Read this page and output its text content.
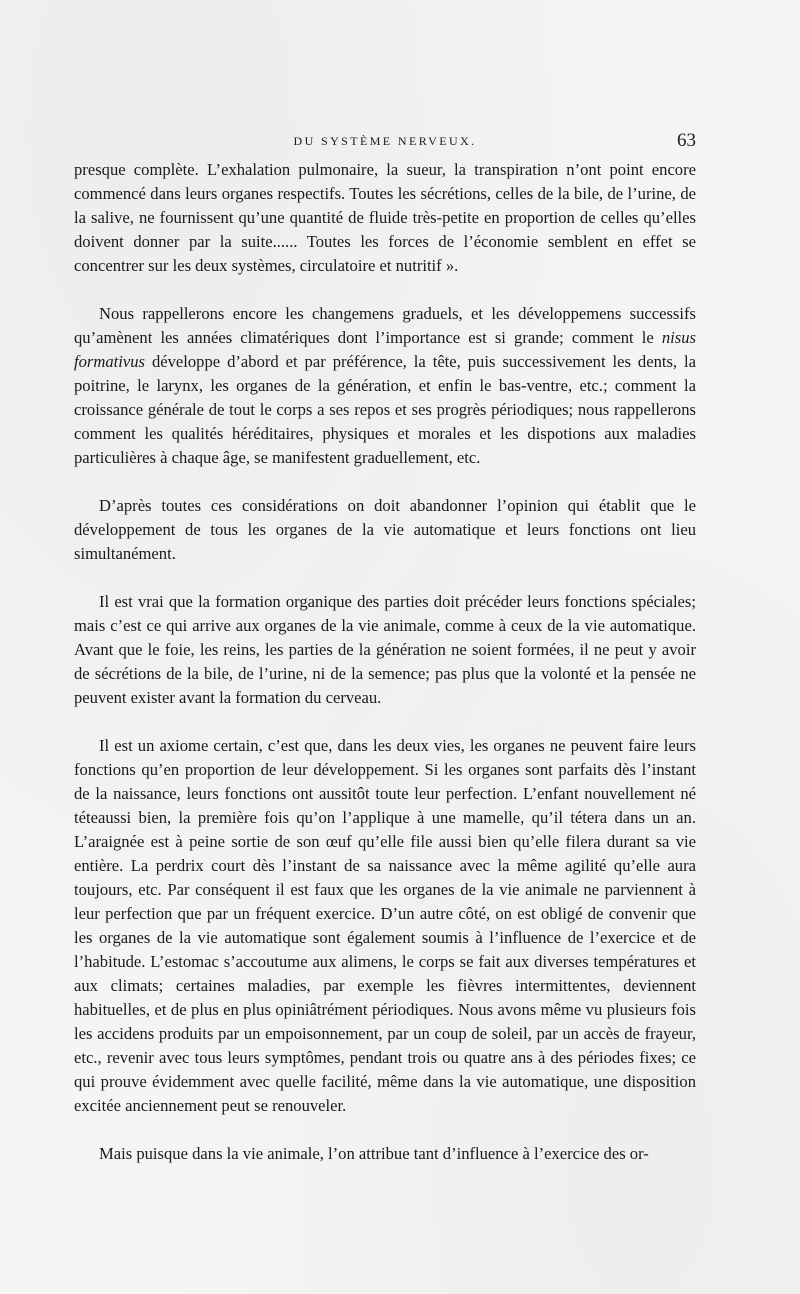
DU SYSTÈME NERVEUX.	63

presque complète. L’exhalation pulmonaire, la sueur, la transpiration n’ont point encore commencé dans leurs organes respectifs. Toutes les sécrétions, celles de la bile, de l’urine, de la salive, ne fournissent qu’une quantité de fluide très-petite en proportion de celles qu’elles doivent donner par la suite...... Toutes les forces de l’économie semblent en effet se concentrer sur les deux systèmes, circulatoire et nutritif ».

Nous rappellerons encore les changemens graduels, et les développemens successifs qu’amènent les années climatériques dont l’importance est si grande; comment le nisus formativus développe d’abord et par préférence, la tête, puis successivement les dents, la poitrine, le larynx, les organes de la génération, et enfin le bas-ventre, etc.; comment la croissance générale de tout le corps a ses repos et ses progrès périodiques; nous rappellerons comment les qualités héréditaires, physiques et morales et les dispotions aux maladies particulières à chaque âge, se manifestent graduellement, etc.

D’après toutes ces considérations on doit abandonner l’opinion qui établit que le développement de tous les organes de la vie automatique et leurs fonctions ont lieu simultanément.

Il est vrai que la formation organique des parties doit précéder leurs fonctions spéciales; mais c’est ce qui arrive aux organes de la vie animale, comme à ceux de la vie automatique. Avant que le foie, les reins, les parties de la génération ne soient formées, il ne peut y avoir de sécrétions de la bile, de l’urine, ni de la semence; pas plus que la volonté et la pensée ne peuvent exister avant la formation du cerveau.

Il est un axiome certain, c’est que, dans les deux vies, les organes ne peuvent faire leurs fonctions qu’en proportion de leur développement. Si les organes sont parfaits dès l’instant de la naissance, leurs fonctions ont aussitôt toute leur perfection. L’enfant nouvellement né téteaussi bien, la première fois qu’on l’applique à une mamelle, qu’il tétera dans un an. L’araignée est à peine sortie de son œuf qu’elle file aussi bien qu’elle filera durant sa vie entière. La perdrix court dès l’instant de sa naissance avec la même agilité qu’elle aura toujours, etc. Par conséquent il est faux que les organes de la vie animale ne parviennent à leur perfection que par un fréquent exercice. D’un autre côté, on est obligé de convenir que les organes de la vie automatique sont également soumis à l’influence de l’exercice et de l’habitude. L’estomac s’accoutume aux alimens, le corps se fait aux diverses températures et aux climats; certaines maladies, par exemple les fièvres intermittentes, deviennent habituelles, et de plus en plus opiniâtrément périodiques. Nous avons même vu plusieurs fois les accidens produits par un empoisonnement, par un coup de soleil, par un accès de frayeur, etc., revenir avec tous leurs symptômes, pendant trois ou quatre ans à des périodes fixes; ce qui prouve évidemment avec quelle facilité, même dans la vie automatique, une disposition excitée anciennement peut se renouveler.

Mais puisque dans la vie animale, l’on attribue tant d’influence à l’exercice des or-
